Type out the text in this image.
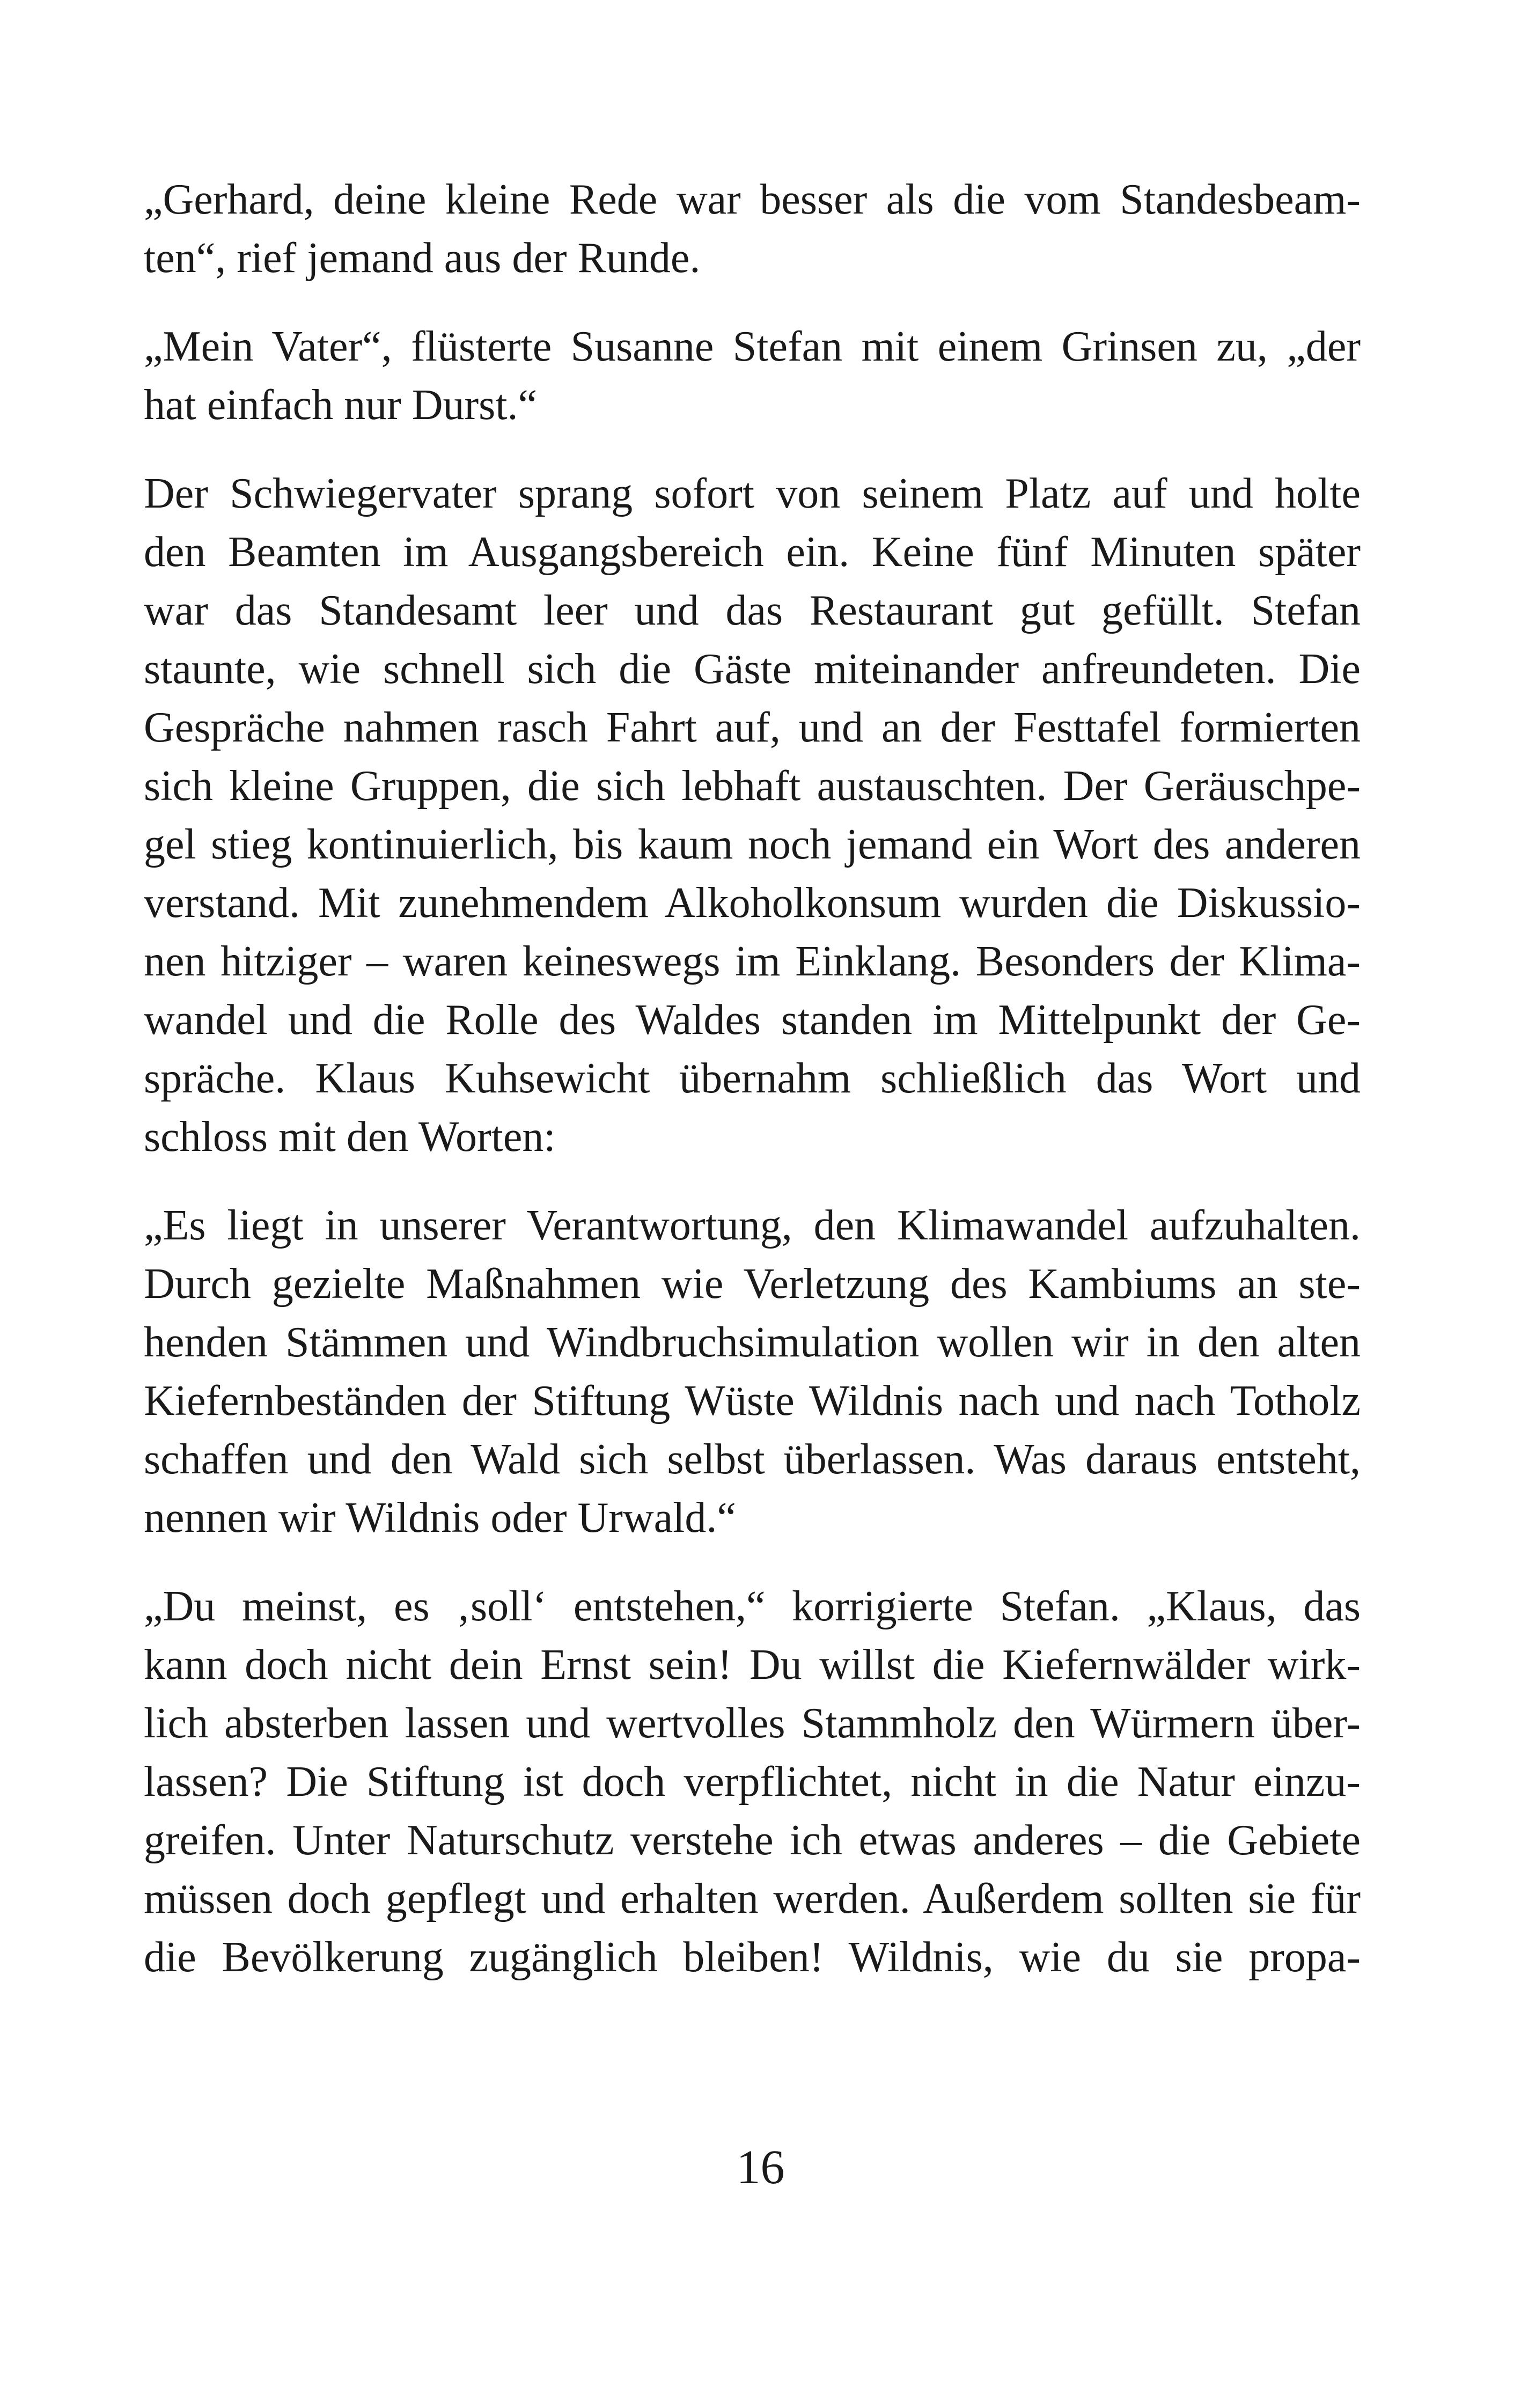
„Gerhard, deine kleine Rede war besser als die vom Standesbeam-
ten“, rief jemand aus der Runde.
„Mein Vater“, flüsterte Susanne Stefan mit einem Grinsen zu, „der
hat einfach nur Durst.“
Der Schwiegervater sprang sofort von seinem Platz auf und holte
den Beamten im Ausgangsbereich ein. Keine fünf Minuten später
war das Standesamt leer und das Restaurant gut gefüllt. Stefan
staunte, wie schnell sich die Gäste miteinander anfreundeten. Die
Gespräche nahmen rasch Fahrt auf, und an der Festtafel formierten
sich kleine Gruppen, die sich lebhaft austauschten. Der Geräuschpe-
gel stieg kontinuierlich, bis kaum noch jemand ein Wort des anderen
verstand. Mit zunehmendem Alkoholkonsum wurden die Diskussio-
nen hitziger – waren keineswegs im Einklang. Besonders der Klima-
wandel und die Rolle des Waldes standen im Mittelpunkt der Ge-
spräche. Klaus Kuhsewicht übernahm schließlich das Wort und
schloss mit den Worten:
„Es liegt in unserer Verantwortung, den Klimawandel aufzuhalten.
Durch gezielte Maßnahmen wie Verletzung des Kambiums an ste-
henden Stämmen und Windbruchsimulation wollen wir in den alten
Kiefernbeständen der Stiftung Wüste Wildnis nach und nach Totholz
schaffen und den Wald sich selbst überlassen. Was daraus entsteht,
nennen wir Wildnis oder Urwald.“
„Du meinst, es ‚soll‘ entstehen,“ korrigierte Stefan. „Klaus, das
kann doch nicht dein Ernst sein! Du willst die Kiefernwälder wirk-
lich absterben lassen und wertvolles Stammholz den Würmern über-
lassen? Die Stiftung ist doch verpflichtet, nicht in die Natur einzu-
greifen. Unter Naturschutz verstehe ich etwas anderes – die Gebiete
müssen doch gepflegt und erhalten werden. Außerdem sollten sie für
die Bevölkerung zugänglich bleiben! Wildnis, wie du sie propa-
16
